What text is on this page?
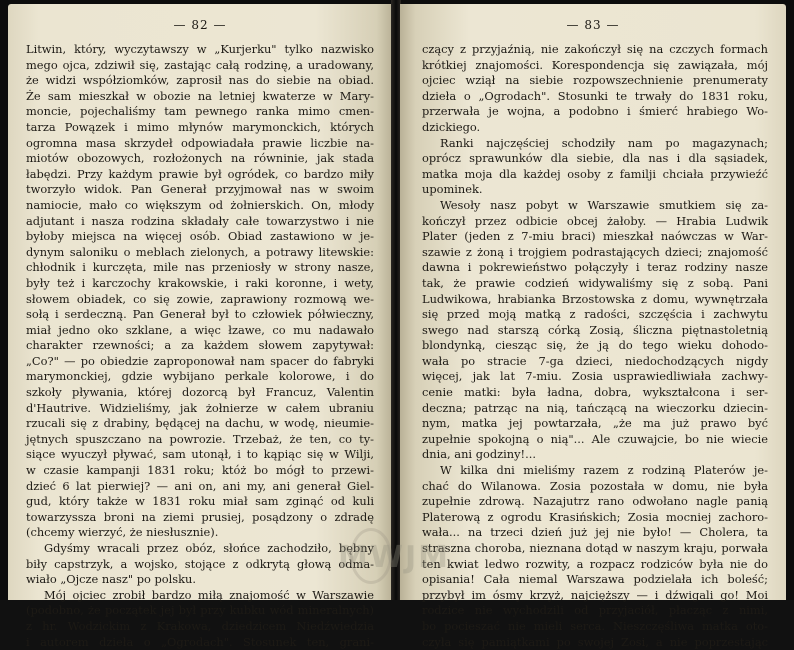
— 82 —
Litwin, który, wyczytawszy w „Kurjerku" tylko nazwisko
mego ojca, zdziwił się, zastając całą rodzinę, a uradowany,
że widzi współziomków, zaprosił nas do siebie na obiad.
Że sam mieszkał w obozie na letniej kwaterze w Mary-
moncie, pojechaliśmy tam pewnego ranka mimo cmen-
tarza Powązek i mimo młynów marymonckich, których
ogromna masa skrzydeł odpowiadała prawie liczbie na-
miotów obozowych, rozłożonych na równinie, jak stada
łabędzi. Przy każdym prawie był ogródek, co bardzo miły
tworzyło widok. Pan Generał przyjmował nas w swoim
namiocie, mało co większym od żołnierskich. On, młody
adjutant i nasza rodzina składały całe towarzystwo i nie
byłoby miejsca na więcej osób. Obiad zastawiono w je-
dynym saloniku o meblach zielonych, a potrawy litewskie:
chłodnik i kurczęta, mile nas przeniosły w strony nasze,
były też i karczochy krakowskie, i raki koronne, i wety,
słowem obiadek, co się zowie, zaprawiony rozmową we-
sołą i serdeczną. Pan Generał był to człowiek półwieczny,
miał jedno oko szklane, a więc łzawe, co mu nadawało
charakter rzewności; a za każdem słowem zapytywał:
„Co?" — po obiedzie zaproponował nam spacer do fabryki
marymonckiej, gdzie wybijano perkale kolorowe, i do
szkoły pływania, której dozorcą był Francuz, Valentin
d'Hautrive. Widzieliśmy, jak żołnierze w całem ubraniu
rzucali się z drabiny, będącej na dachu, w wodę, nieumie-
jętnych spuszczano na powrozie. Trzebaż, że ten, co ty-
siące wyuczył pływać, sam utonął, i to kąpiąc się w Wilji,
w czasie kampanji 1831 roku; któż bo mógł to przewi-
dzieć 6 lat pierwiej? — ani on, ani my, ani generał Giel-
gud, który także w 1831 roku miał sam zginąć od kuli
towarzyssza broni na ziemi prusiej, posądzony o zdradę
(chcemy wierzyć, że niesłusznie).
Gdyśmy wracali przez obóz, słońce zachodziło, bębny
biły capstrzyk, a wojsko, stojące z odkrytą głową odma-
wiało „Ojcze nasz" po polsku.
Mój ojciec zrobił bardzo miłą znajomość w Warszawie
(podobno, że początek jej był przy kubku wód mineralnych)
z hr. Wodzickim z Krakowa, dziedzicem Niedźwiedzia
i autorem dzieła o „Ogrodach". Stosunek ten, grani-
— 83 —
czący z przyjaźnią, nie zakończył się na czczych formach
krótkiej znajomości. Korespondencja się zawiązała, mój
ojciec wziął na siebie rozpowszechnienie prenumeraty
dzieła o „Ogrodach". Stosunki te trwały do 1831 roku,
przerwała je wojna, a podobno i śmierć hrabiego Wo-
dzickiego.
Ranki najczęściej schodziły nam po magazynach;
oprócz sprawunków dla siebie, dla nas i dla sąsiadek,
matka moja dla każdej osoby z familji chciała przywieźć
upominek.
Wesoły nasz pobyt w Warszawie smutkiem się za-
kończył przez odbicie obcej żałoby. — Hrabia Ludwik
Plater (jeden z 7-miu braci) mieszkał naówczas w War-
szawie z żoną i trojgiem podrastających dzieci; znajomość
dawna i pokrewieństwo połączyły i teraz rodziny nasze
tak, że prawie codzień widywaliśmy się z sobą. Pani
Ludwikowa, hrabianka Brzostowska z domu, wywnętrzała
się przed moją matką z radości, szczęścia i zachwytu
swego nad starszą córką Zosią, śliczna piętnastoletnią
blondynką, ciesząc się, że ją do tego wieku dohodo-
wała po stracie 7-ga dzieci, niedochodzących nigdy
więcej, jak lat 7-miu. Zosia usprawiedliwiała zachwy-
cenie matki: była ładna, dobra, wykształcona i ser-
deczna; patrząc na nią, tańczącą na wieczorku dziecin-
nym, matka jej powtarzała, „że ma już prawo być
zupełnie spokojną o nią"... Ale czuwajcie, bo nie wiecie
dnia, ani godziny!...
W kilka dni mieliśmy razem z rodziną Platerów je-
chać do Wilanowa. Zosia pozostała w domu, nie była
zupełnie zdrową. Nazajutrz rano odwołano nagle panią
Platerową z ogrodu Krasińskich; Zosia mocniej zachoro-
wała... na trzeci dzień już jej nie było! — Cholera, ta
straszna choroba, nieznana dotąd w naszym kraju, porwała
ten kwiat ledwo rozwity, a rozpacz rodziców była nie do
opisania! Cała niemal Warszawa podzielała ich boleść;
przybył im ósmy krzyż, najcięższy — i dźwigali go! Moi
rodzice nie wychodzili od przyjaciół, płacząc z nimi,
bo pocieszać nie mieli serca. Nieszczęśliwa matka oto-
czyła się pamiątkami po swojej Zosi, a nie poprzestając
MWJM
